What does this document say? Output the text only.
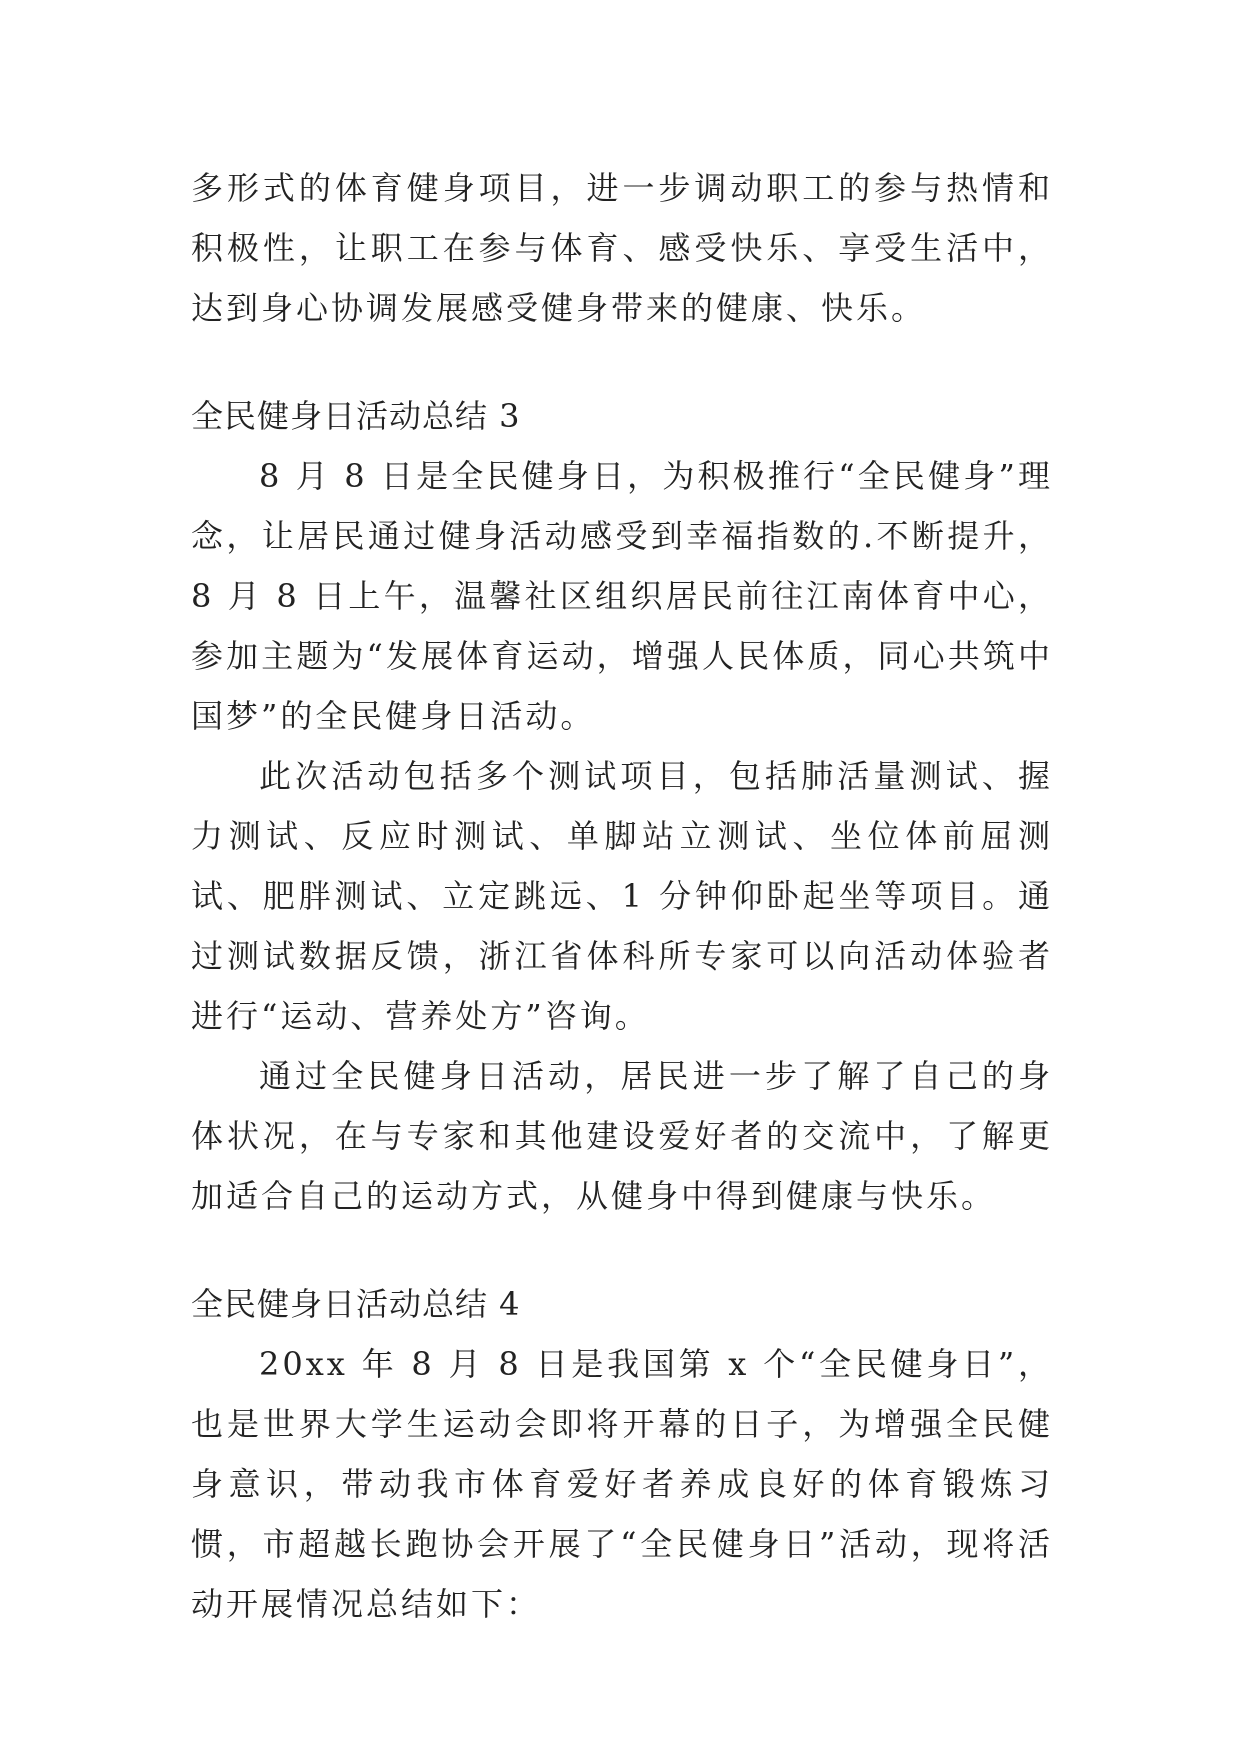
多形式的体育健身项目，进一步调动职工的参与热情和积极性，让职工在参与体育、感受快乐、享受生活中，达到身心协调发展感受健身带来的健康、快乐。

全民健身日活动总结 3

8 月 8 日是全民健身日，为积极推行“全民健身”理念，让居民通过健身活动感受到幸福指数的.不断提升，8 月 8 日上午，温馨社区组织居民前往江南体育中心，参加主题为“发展体育运动，增强人民体质，同心共筑中国梦”的全民健身日活动。

此次活动包括多个测试项目，包括肺活量测试、握力测试、反应时测试、单脚站立测试、坐位体前屈测试、肥胖测试、立定跳远、1 分钟仰卧起坐等项目。通过测试数据反馈，浙江省体科所专家可以向活动体验者进行“运动、营养处方”咨询。

通过全民健身日活动，居民进一步了解了自己的身体状况，在与专家和其他建设爱好者的交流中，了解更加适合自己的运动方式，从健身中得到健康与快乐。

全民健身日活动总结 4

20xx 年 8 月 8 日是我国第 x 个“全民健身日”，也是世界大学生运动会即将开幕的日子，为增强全民健身意识，带动我市体育爱好者养成良好的体育锻炼习惯，市超越长跑协会开展了“全民健身日”活动，现将活动开展情况总结如下：
